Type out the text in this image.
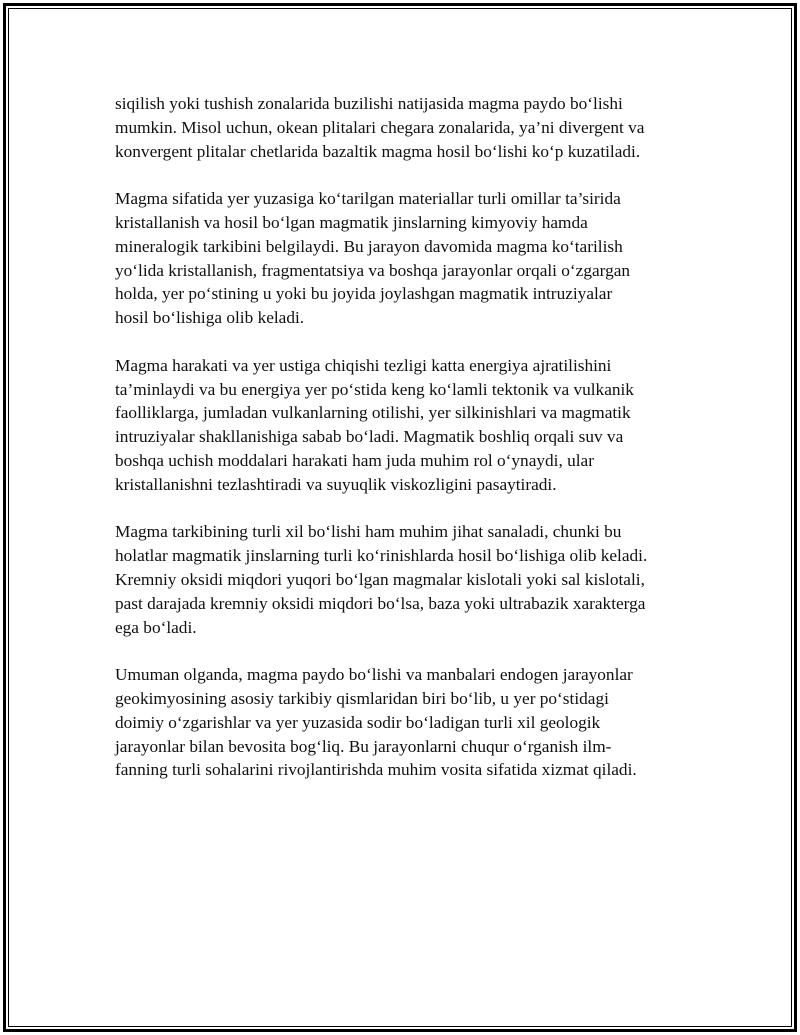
siqilish yoki tushish zonalarida buzilishi natijasida magma paydo bo‘lishi
mumkin. Misol uchun, okean plitalari chegara zonalarida, ya’ni divergent va
konvergent plitalar chetlarida bazaltik magma hosil bo‘lishi ko‘p kuzatiladi.

Magma sifatida yer yuzasiga ko‘tarilgan materiallar turli omillar ta’sirida
kristallanish va hosil bo‘lgan magmatik jinslarning kimyoviy hamda
mineralogik tarkibini belgilaydi. Bu jarayon davomida magma ko‘tarilish
yo‘lida kristallanish, fragmentatsiya va boshqa jarayonlar orqali o‘zgargan
holda, yer po‘stining u yoki bu joyida joylashgan magmatik intruziyalar
hosil bo‘lishiga olib keladi.

Magma harakati va yer ustiga chiqishi tezligi katta energiya ajratilishini
ta’minlaydi va bu energiya yer po‘stida keng ko‘lamli tektonik va vulkanik
faolliklarga, jumladan vulkanlarning otilishi, yer silkinishlari va magmatik
intruziyalar shakllanishiga sabab bo‘ladi. Magmatik boshliq orqali suv va
boshqa uchish moddalari harakati ham juda muhim rol o‘ynaydi, ular
kristallanishni tezlashtiradi va suyuqlik viskozligini pasaytiradi.

Magma tarkibining turli xil bo‘lishi ham muhim jihat sanaladi, chunki bu
holatlar magmatik jinslarning turli ko‘rinishlarda hosil bo‘lishiga olib keladi.
Kremniy oksidi miqdori yuqori bo‘lgan magmalar kislotali yoki sal kislotali,
past darajada kremniy oksidi miqdori bo‘lsa, baza yoki ultrabazik xarakterga
ega bo‘ladi.

Umuman olganda, magma paydo bo‘lishi va manbalari endogen jarayonlar
geokimyosining asosiy tarkibiy qismlaridan biri bo‘lib, u yer po‘stidagi
doimiy o‘zgarishlar va yer yuzasida sodir bo‘ladigan turli xil geologik
jarayonlar bilan bevosita bog‘liq. Bu jarayonlarni chuqur o‘rganish ilm-
fanning turli sohalarini rivojlantirishda muhim vosita sifatida xizmat qiladi.
